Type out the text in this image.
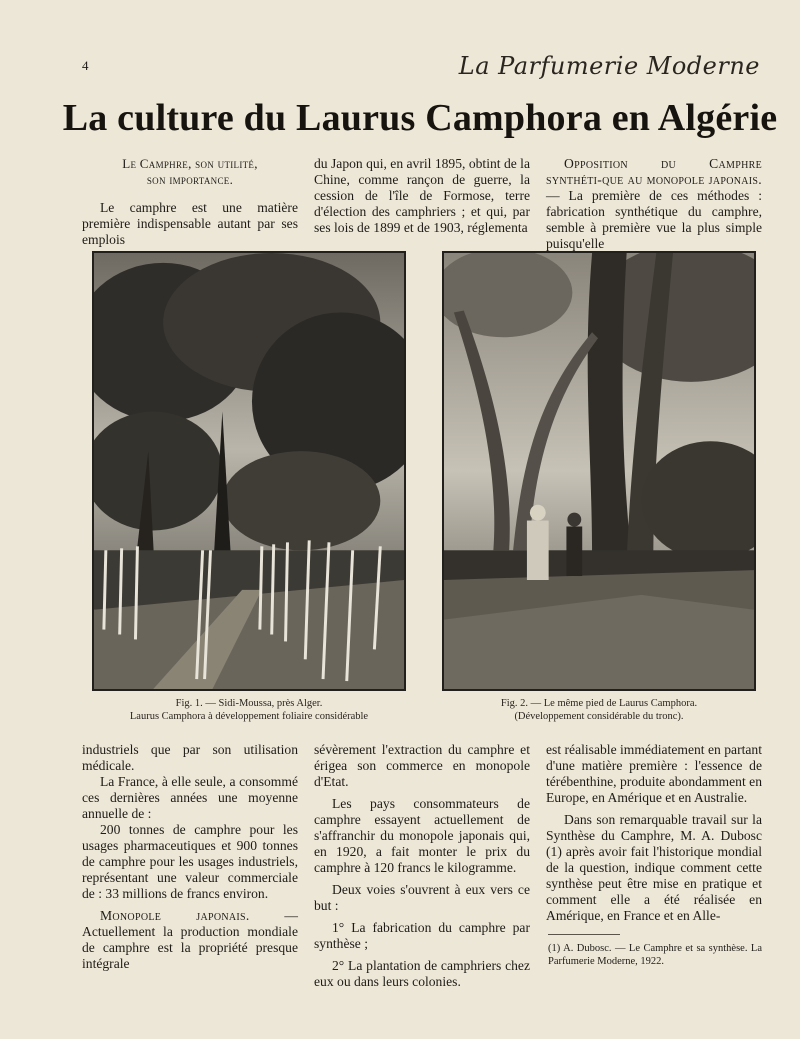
4	La Parfumerie Moderne
La culture du Laurus Camphora en Algérie

Le Camphre, son utilité,

son importance.

Le camphre est une matière première indispensable autant par ses emplois

du Japon qui, en avril 1895, obtint de la Chine, comme rançon de guerre, la cession de l'île de Formose, terre d'élection des camphriers ; et qui, par ses lois de 1899 et de 1903, réglementa

Opposition du Camphre synthéti-que au monopole japonais. — La première de ces méthodes : fabrication synthétique du camphre, semble à première vue la plus simple puisqu'elle

Fig. 1. — Sidi-Moussa, près Alger.
Laurus Camphora à développement foliaire considérable
Fig. 2. — Le même pied de Laurus Camphora.
(Développement considérable du tronc).

industriels que par son utilisation médicale.

La France, à elle seule, a consommé ces dernières années une moyenne annuelle de :

200 tonnes de camphre pour les usages pharmaceutiques et 900 tonnes de camphre pour les usages industriels, représentant une valeur commerciale de : 33 millions de francs environ.

Monopole japonais. — Actuellement la production mondiale de camphre est la propriété presque intégrale

sévèrement l'extraction du camphre et érigea son commerce en monopole d'Etat.

Les pays consommateurs de camphre essayent actuellement de s'affranchir du monopole japonais qui, en 1920, a fait monter le prix du camphre à 120 francs le kilogramme.

Deux voies s'ouvrent à eux vers ce but :

1° La fabrication du camphre par synthèse ;

2° La plantation de camphriers chez eux ou dans leurs colonies.

est réalisable immédiatement en partant d'une matière première : l'essence de térébenthine, produite abondamment en Europe, en Amérique et en Australie.

Dans son remarquable travail sur la Synthèse du Camphre, M. A. Dubosc (1) après avoir fait l'historique mondial de la question, indique comment cette synthèse peut être mise en pratique et comment elle a été réalisée en Amérique, en France et en Alle-

(1) A. Dubosc. — Le Camphre et sa synthèse. La Parfumerie Moderne, 1922.
